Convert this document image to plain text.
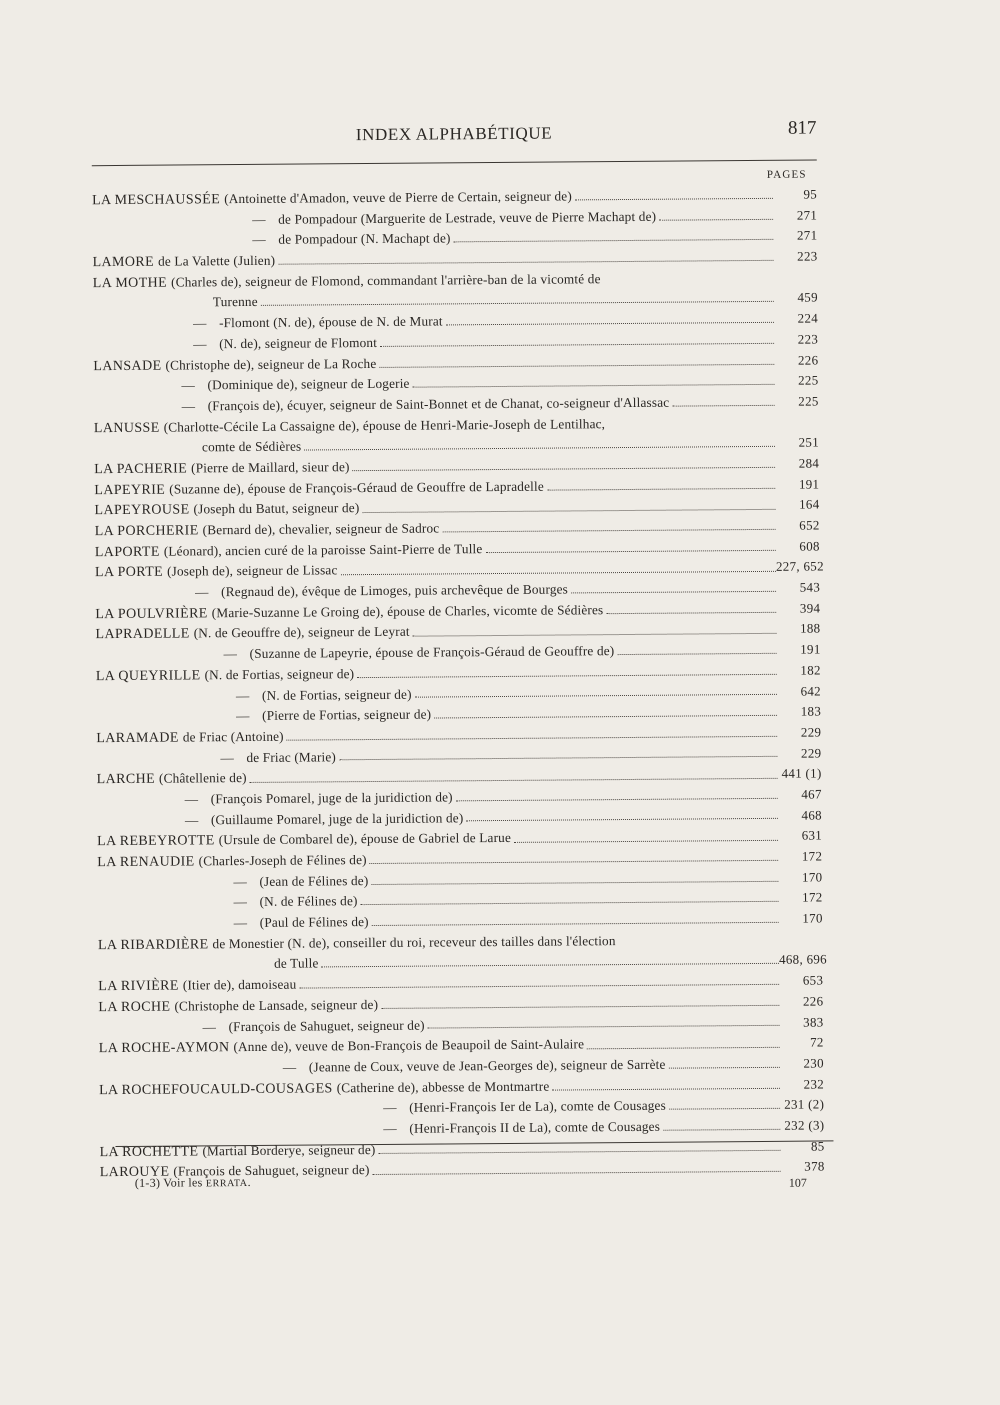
INDEX ALPHABÉTIQUE	817
PAGES
LA MESCHAUSSÉE (Antoinette d'Amadon, veuve de Pierre de Certain, seigneur de)	95
— de Pompadour (Marguerite de Lestrade, veuve de Pierre Machapt de)	271
— de Pompadour (N. Machapt de)	271
LAMORE de La Valette (Julien)	223
LA MOTHE (Charles de), seigneur de Flomond, commandant l'arrière-ban de la vicomté de
Turenne	459
— -Flomont (N. de), épouse de N. de Murat	224
— (N. de), seigneur de Flomont	223
LANSADE (Christophe de), seigneur de La Roche	226
— (Dominique de), seigneur de Logerie	225
— (François de), écuyer, seigneur de Saint-Bonnet et de Chanat, co-seigneur d'Allassac	225
LANUSSE (Charlotte-Cécile La Cassaigne de), épouse de Henri-Marie-Joseph de Lentilhac,
comte de Sédières	251
LA PACHERIE (Pierre de Maillard, sieur de)	284
LAPEYRIE (Suzanne de), épouse de François-Géraud de Geouffre de Lapradelle	191
LAPEYROUSE (Joseph du Batut, seigneur de)	164
LA PORCHERIE (Bernard de), chevalier, seigneur de Sadroc	652
LAPORTE (Léonard), ancien curé de la paroisse Saint-Pierre de Tulle	608
LA PORTE (Joseph de), seigneur de Lissac	227, 652
— (Regnaud de), évêque de Limoges, puis archevêque de Bourges	543
LA POULVRIÈRE (Marie-Suzanne Le Groing de), épouse de Charles, vicomte de Sédières	394
LAPRADELLE (N. de Geouffre de), seigneur de Leyrat	188
— (Suzanne de Lapeyrie, épouse de François-Géraud de Geouffre de)	191
LA QUEYRILLE (N. de Fortias, seigneur de)	182
— (N. de Fortias, seigneur de)	642
— (Pierre de Fortias, seigneur de)	183
LARAMADE de Friac (Antoine)	229
— de Friac (Marie)	229
LARCHE (Châtellenie de)	441 (1)
— (François Pomarel, juge de la juridiction de)	467
— (Guillaume Pomarel, juge de la juridiction de)	468
LA REBEYROTTE (Ursule de Combarel de), épouse de Gabriel de Larue	631
LA RENAUDIE (Charles-Joseph de Félines de)	172
— (Jean de Félines de)	170
— (N. de Félines de)	172
— (Paul de Félines de)	170
LA RIBARDIÈRE de Monestier (N. de), conseiller du roi, receveur des tailles dans l'élection
de Tulle	468, 696
LA RIVIÈRE (Itier de), damoiseau	653
LA ROCHE (Christophe de Lansade, seigneur de)	226
— (François de Sahuguet, seigneur de)	383
LA ROCHE-AYMON (Anne de), veuve de Bon-François de Beaupoil de Saint-Aulaire	72
— (Jeanne de Coux, veuve de Jean-Georges de), seigneur de Sarrète	230
LA ROCHEFOUCAULD-COUSAGES (Catherine de), abbesse de Montmartre	232
— (Henri-François Ier de La), comte de Cousages	231 (2)
— (Henri-François II de La), comte de Cousages	232 (3)
LA ROCHETTE (Martial Borderye, seigneur de)	85
LAROUYE (François de Sahuguet, seigneur de)	378
(1-3) Voir les ERRATA.	107
